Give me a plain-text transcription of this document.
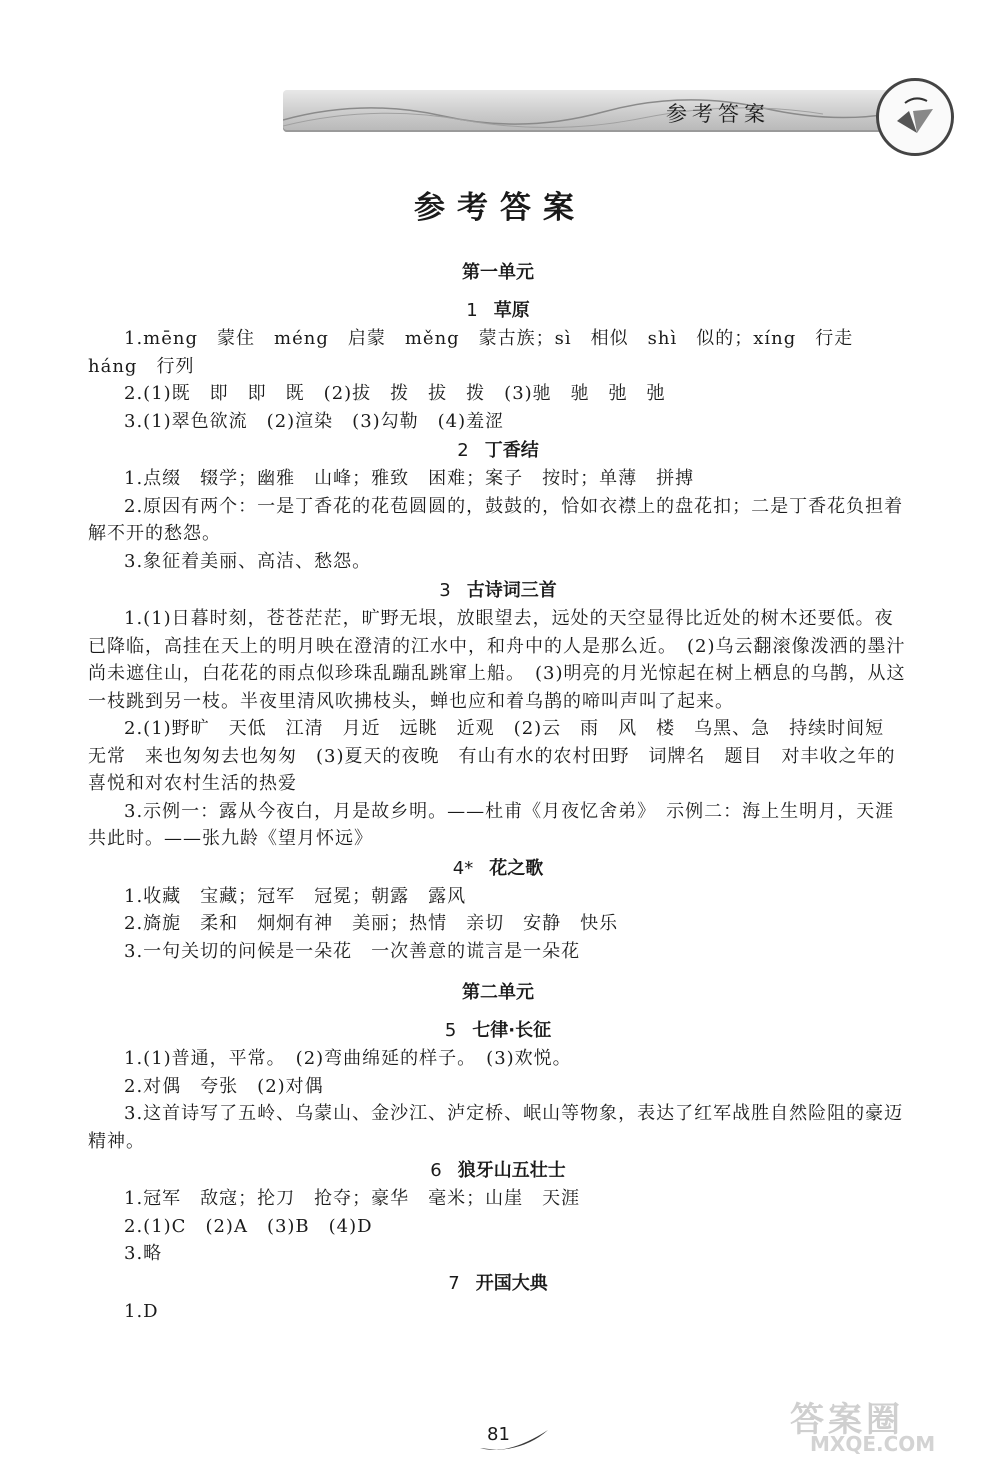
参考答案
参考答案
第一单元
1 草原

1.mēng　蒙住　méng　启蒙　měng　蒙古族；sì　相似　shì　似的；xíng　行走　háng　行列

2.(1)既　即　即　既　(2)拔　拨　拔　拨　(3)驰　驰　弛　弛

3.(1)翠色欲流　(2)渲染　(3)勾勒　(4)羞涩

2 丁香结

1.点缀　辍学；幽雅　山峰；雅致　困难；案子　按时；单薄　拼搏

2.原因有两个：一是丁香花的花苞圆圆的，鼓鼓的，恰如衣襟上的盘花扣；二是丁香花负担着解不开的愁怨。

3.象征着美丽、高洁、愁怨。

3 古诗词三首

1.(1)日暮时刻，苍苍茫茫，旷野无垠，放眼望去，远处的天空显得比近处的树木还要低。夜已降临，高挂在天上的明月映在澄清的江水中，和舟中的人是那么近。　(2)乌云翻滚像泼洒的墨汁尚未遮住山，白花花的雨点似珍珠乱蹦乱跳窜上船。　(3)明亮的月光惊起在树上栖息的乌鹊，从这一枝跳到另一枝。半夜里清风吹拂枝头，蝉也应和着乌鹊的啼叫声叫了起来。

2.(1)野旷　天低　江清　月近　远眺　近观　(2)云　雨　风　楼　乌黑、急　持续时间短　无常　来也匆匆去也匆匆　(3)夏天的夜晚　有山有水的农村田野　词牌名　题目　对丰收之年的喜悦和对农村生活的热爱

3.示例一：露从今夜白，月是故乡明。——杜甫《月夜忆舍弟》　示例二：海上生明月，天涯共此时。——张九龄《望月怀远》

4* 花之歌

1.收藏　宝藏；冠军　冠冕；朝露　露风

2.旖旎　柔和　炯炯有神　美丽；热情　亲切　安静　快乐

3.一句关切的问候是一朵花　一次善意的谎言是一朵花

第二单元
5 七律·长征

1.(1)普通，平常。　(2)弯曲绵延的样子。　(3)欢悦。

2.对偶　夸张　(2)对偶

3.这首诗写了五岭、乌蒙山、金沙江、泸定桥、岷山等物象，表达了红军战胜自然险阻的豪迈精神。

6 狼牙山五壮士

1.冠军　敌寇；抡刀　抢夺；豪华　毫米；山崖　天涯

2.(1)C　(2)A　(3)B　(4)D

3.略

7 开国大典

1.D

81	答案圈
MXQE.COM
